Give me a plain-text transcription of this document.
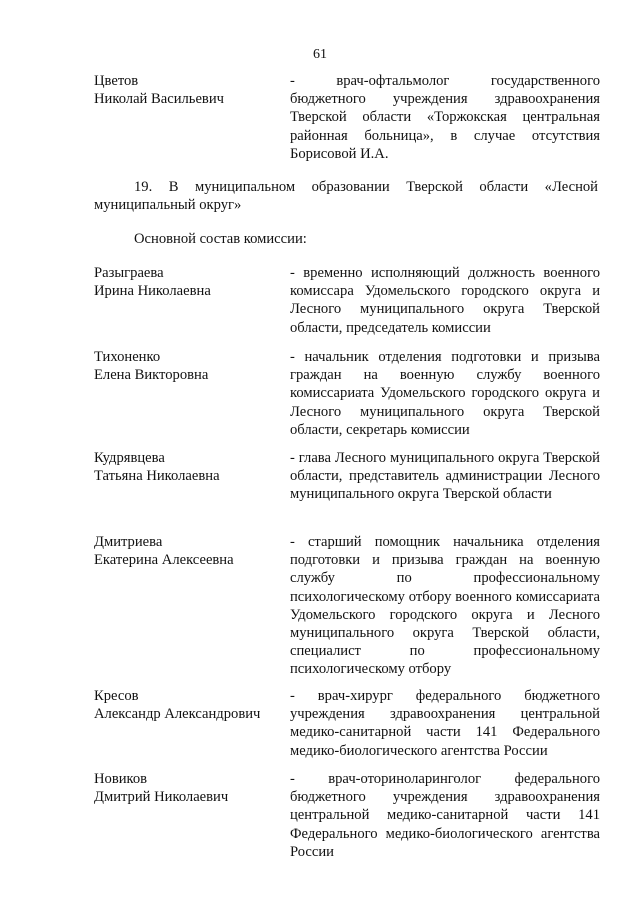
61
Цветов
Николай Васильевич
- врач-офтальмолог государственного бюджетного учреждения здравоохранения Тверской области «Торжокская центральная районная больница», в случае отсутствия Борисовой И.А.
19. В муниципальном образовании Тверской области «Лесной муниципальный округ»
Основной состав комиссии:
Разыграева
Ирина Николаевна
- временно исполняющий должность военного комиссара Удомельского городского округа и Лесного муниципального округа Тверской области, председатель комиссии
Тихоненко
Елена Викторовна
- начальник отделения подготовки и призыва граждан на военную службу военного комиссариата Удомельского городского округа и Лесного муниципального округа Тверской области, секретарь комиссии
Кудрявцева
Татьяна Николаевна
- глава Лесного муниципального округа Тверской области, представитель администрации Лесного муниципального округа Тверской области
Дмитриева
Екатерина Алексеевна
- старший помощник начальника отделения подготовки и призыва граждан на военную службу по профессиональному психологическому отбору военного комиссариата Удомельского городского округа и Лесного муниципального округа Тверской области, специалист по профессиональному психологическому отбору
Кресов
Александр Александрович
- врач-хирург федерального бюджетного учреждения здравоохранения центральной медико-санитарной части 141 Федерального медико-биологического агентства России
Новиков
Дмитрий Николаевич
- врач-оториноларинголог федерального бюджетного учреждения здравоохранения центральной медико-санитарной части 141 Федерального медико-биологического агентства России
